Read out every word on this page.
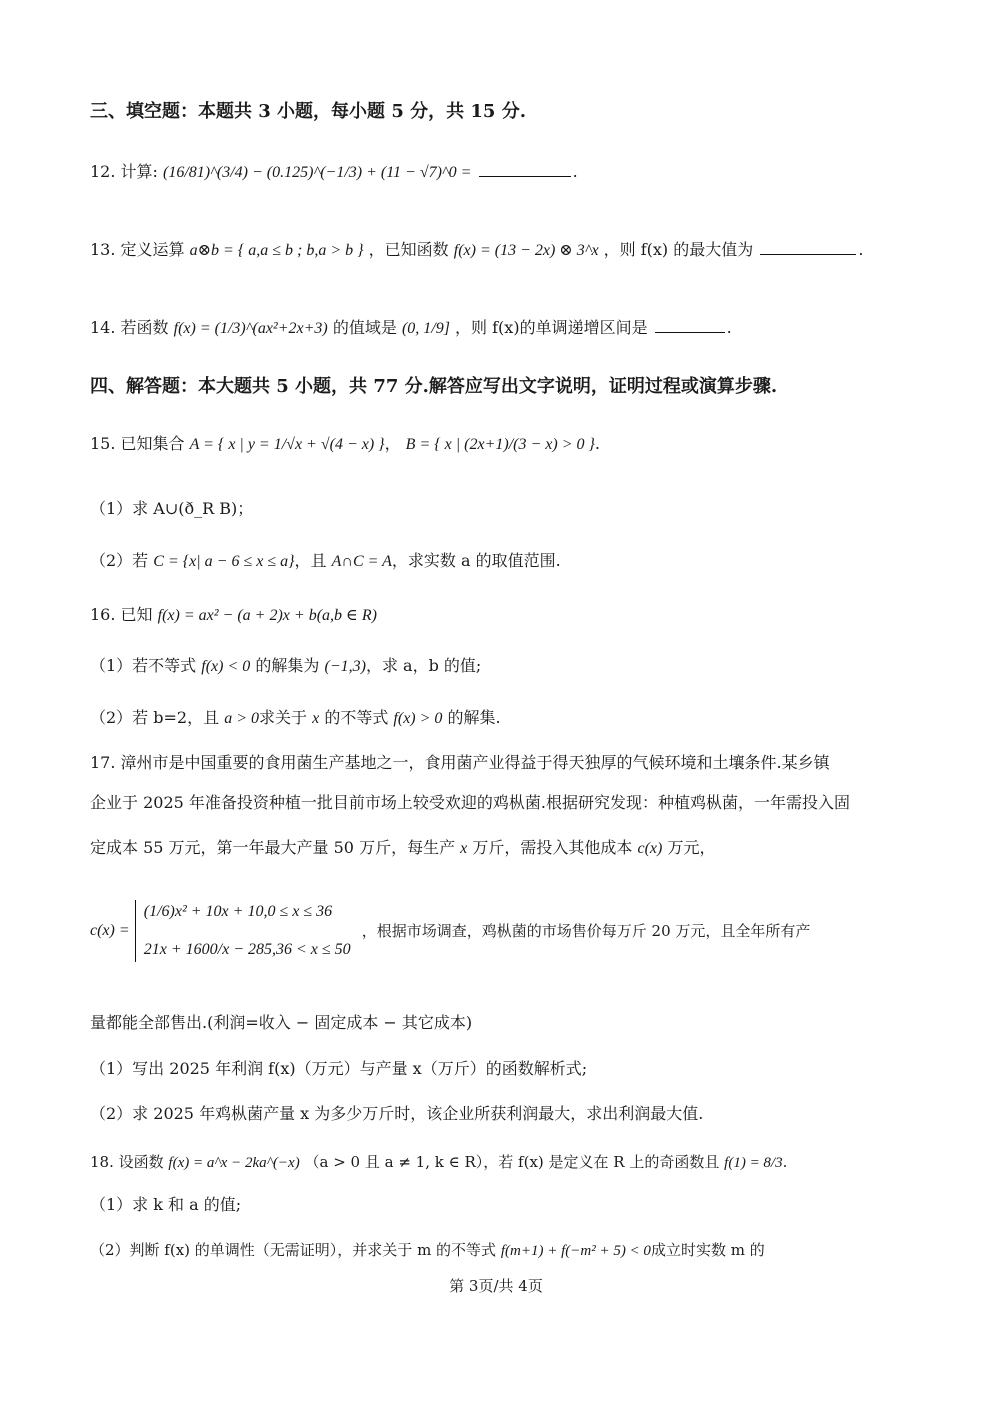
三、填空题：本题共 3 小题，每小题 5 分，共 15 分.
12. 计算: (16/81)^(3/4) − (0.125)^(−1/3) + (11 − √7)^0 =	.
13. 定义运算 a⊗b = { a,a ≤ b ; b,a > b } ，已知函数 f(x) = (13 − 2x) ⊗ 3^x ，则 f(x) 的最大值为	.
14. 若函数 f(x) = (1/3)^(ax²+2x+3) 的值域是 (0, 1/9] ，则 f(x)的单调递增区间是	.
四、解答题：本大题共 5 小题，共 77 分.解答应写出文字说明，证明过程或演算步骤.
15. 已知集合 A = { x | y = 1/√x + √(4 − x) }， B = { x | (2x+1)/(3 − x) > 0 }.
（1）求 A∪(ð_R B)；
（2）若 C = {x| a − 6 ≤ x ≤ a}，且 A∩C = A，求实数 a 的取值范围.
16. 已知 f(x) = ax² − (a + 2)x + b(a,b ∈ R)
（1）若不等式 f(x) < 0 的解集为 (−1,3)，求 a，b 的值;
（2）若 b=2，且 a > 0求关于 x 的不等式 f(x) > 0 的解集.
17. 漳州市是中国重要的食用菌生产基地之一，食用菌产业得益于得天独厚的气候环境和土壤条件.某乡镇
企业于 2025 年准备投资种植一批目前市场上较受欢迎的鸡枞菌.根据研究发现：种植鸡枞菌，一年需投入固
定成本 55 万元，第一年最大产量 50 万斤，每生产 x 万斤，需投入其他成本 c(x) 万元，
c(x) =
(1/6)x² + 10x + 10,0 ≤ x ≤ 36
21x + 1600/x − 285,36 < x ≤ 50
，根据市场调查，鸡枞菌的市场售价每万斤 20 万元，且全年所有产
量都能全部售出.(利润=收入 − 固定成本 − 其它成本)
（1）写出 2025 年利润 f(x)（万元）与产量 x（万斤）的函数解析式;
（2）求 2025 年鸡枞菌产量 x 为多少万斤时，该企业所获利润最大，求出利润最大值.
18. 设函数 f(x) = a^x − 2ka^(−x) （a > 0 且 a ≠ 1, k ∈ R），若 f(x) 是定义在 R 上的奇函数且 f(1) = 8/3.
（1）求 k 和 a 的值;
（2）判断 f(x) 的单调性（无需证明），并求关于 m 的不等式 f(m+1) + f(−m² + 5) < 0成立时实数 m 的
第 3页/共 4页
